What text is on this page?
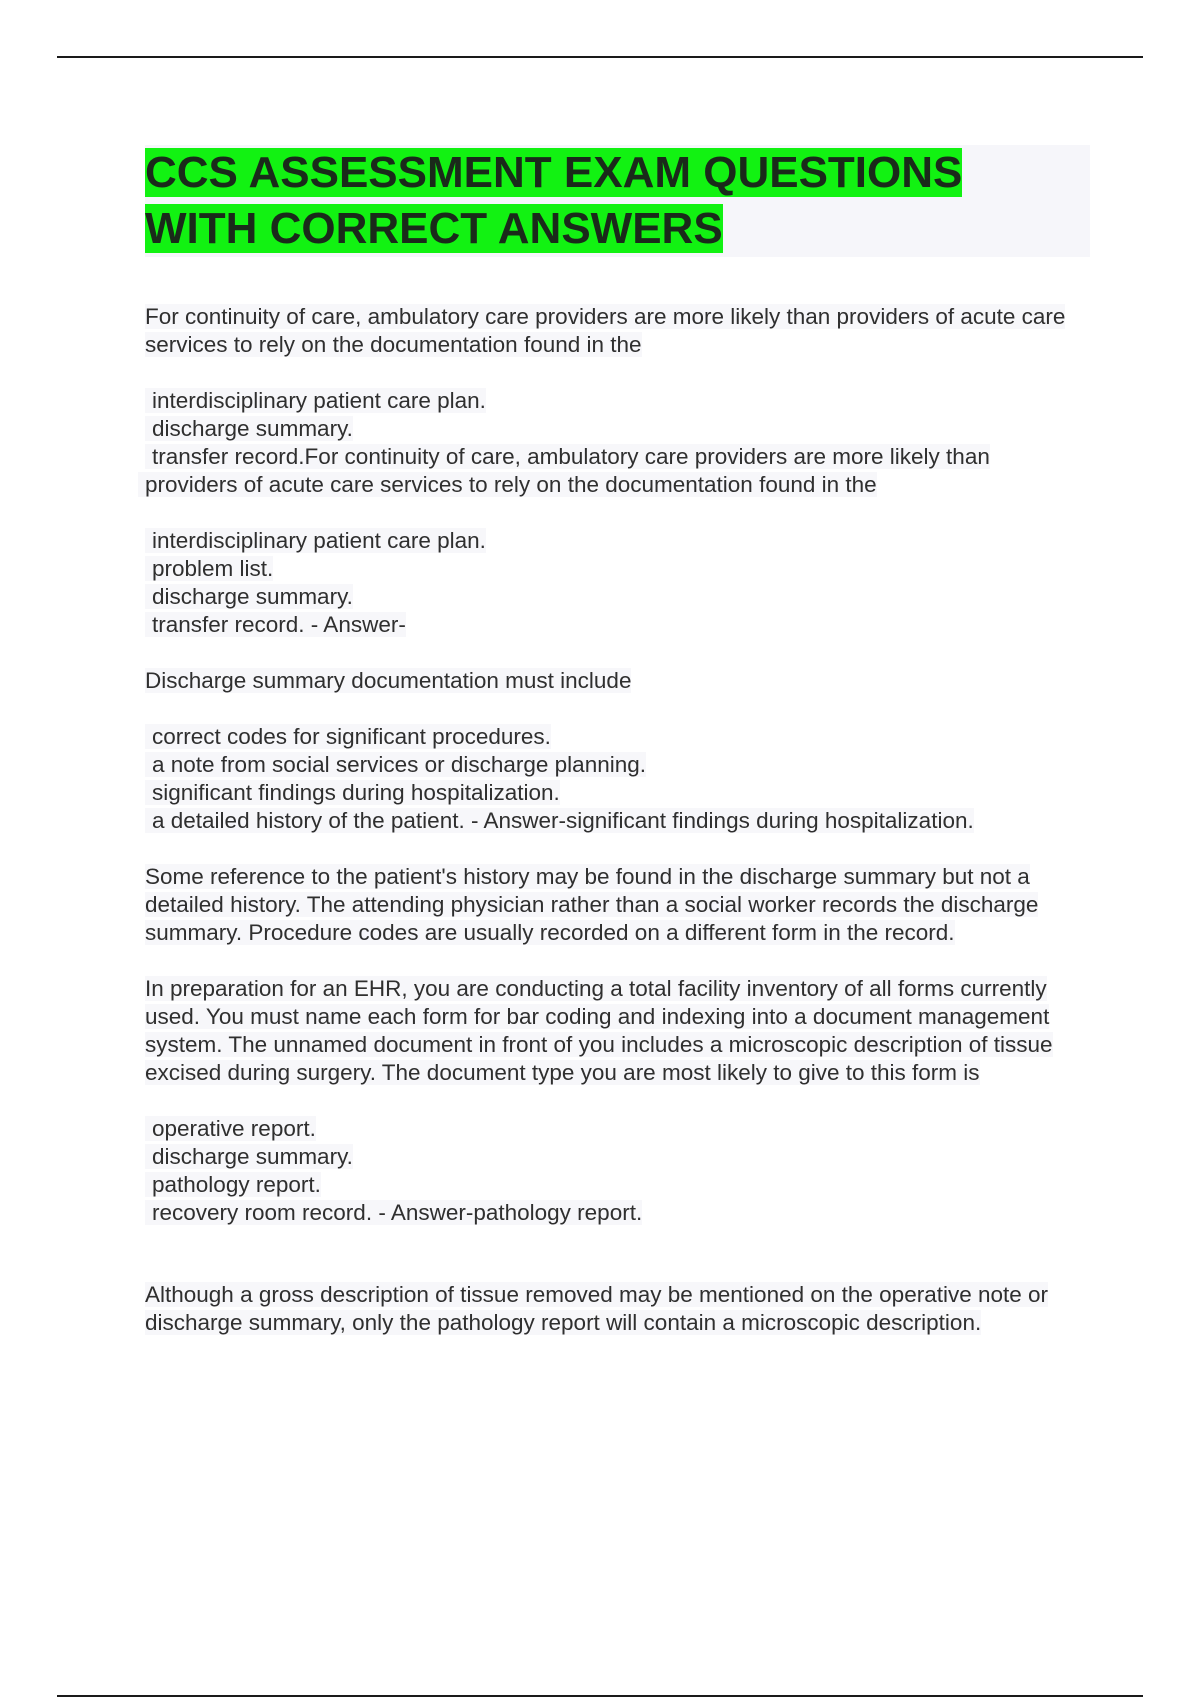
CCS ASSESSMENT EXAM QUESTIONS
WITH CORRECT ANSWERS

For continuity of care, ambulatory care providers are more likely than providers of acute care services to rely on the documentation found in the

interdisciplinary patient care plan.
discharge summary.
transfer record.For continuity of care, ambulatory care providers are more likely than
providers of acute care services to rely on the documentation found in the
interdisciplinary patient care plan.
problem list.
discharge summary.
transfer record. - Answer-

Discharge summary documentation must include

correct codes for significant procedures.
a note from social services or discharge planning.
significant findings during hospitalization.
a detailed history of the patient. - Answer-significant findings during hospitalization.

Some reference to the patient's history may be found in the discharge summary but not a detailed history. The attending physician rather than a social worker records the discharge summary. Procedure codes are usually recorded on a different form in the record.

In preparation for an EHR, you are conducting a total facility inventory of all forms currently used. You must name each form for bar coding and indexing into a document management system. The unnamed document in front of you includes a microscopic description of tissue excised during surgery. The document type you are most likely to give to this form is

operative report.
discharge summary.
pathology report.
recovery room record. - Answer-pathology report.

Although a gross description of tissue removed may be mentioned on the operative note or discharge summary, only the pathology report will contain a microscopic description.
